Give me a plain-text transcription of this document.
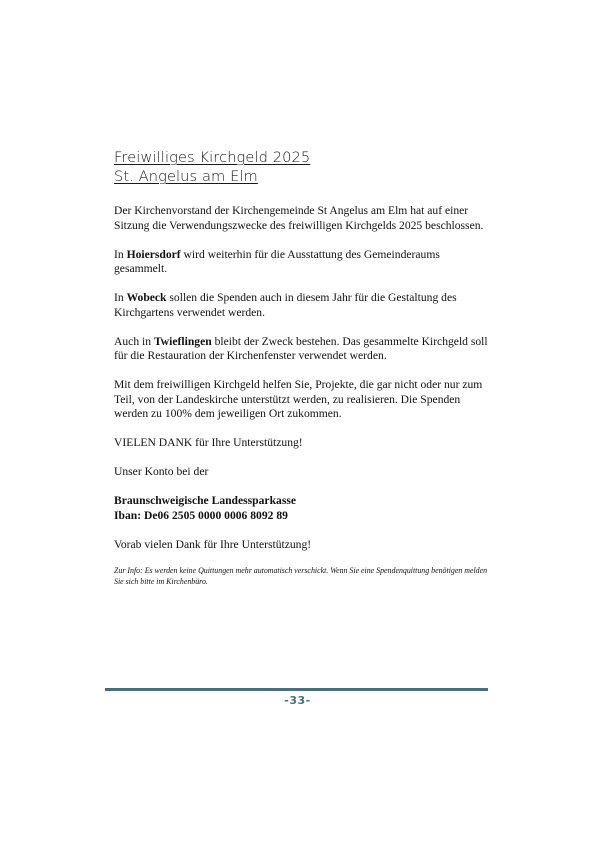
Freiwilliges Kirchgeld 2025
St. Angelus am Elm

Der Kirchenvorstand der Kirchengemeinde St Angelus am Elm hat auf einer Sitzung die Verwendungszwecke des freiwilligen Kirchgelds 2025 beschlossen.

In Hoiersdorf wird weiterhin für die Ausstattung des Gemeinderaums gesammelt.

In Wobeck sollen die Spenden auch in diesem Jahr für die Gestaltung des Kirchgartens verwendet werden.

Auch in Twieflingen bleibt der Zweck bestehen. Das gesammelte Kirchgeld soll für die Restauration der Kirchenfenster verwendet werden.

Mit dem freiwilligen Kirchgeld helfen Sie, Projekte, die gar nicht oder nur zum Teil, von der Landeskirche unterstützt werden, zu realisieren. Die Spenden werden zu 100% dem jeweiligen Ort zukommen.

VIELEN DANK für Ihre Unterstützung!

Unser Konto bei der

Braunschweigische Landessparkasse
Iban: De06 2505 0000 0006 8092 89

Vorab vielen Dank für Ihre Unterstützung!

Zur Info: Es werden keine Quittungen mehr automatisch verschickt. Wenn Sie eine Spendenquittung benötigen melden Sie sich bitte im Kirchenbüro.
-33-
